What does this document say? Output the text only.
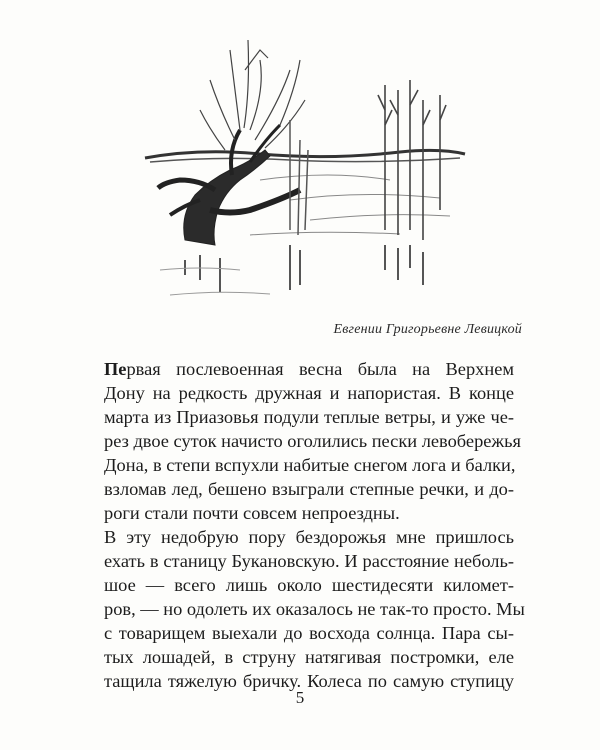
Евгении Григорьевне Левицкой
Первая послевоенная весна была на Верхнем
Дону на редкость дружная и напористая. В конце
марта из Приазовья подули теплые ветры, и уже че-
рез двое суток начисто оголились пески левобережья
Дона, в степи вспухли набитые снегом лога и балки,
взломав лед, бешено взыграли степные речки, и до-
роги стали почти совсем непроездны.
В эту недобрую пору бездорожья мне пришлось
ехать в станицу Букановскую. И расстояние неболь-
шое — всего лишь около шестидесяти километ-
ров, — но одолеть их оказалось не так-то просто. Мы
с товарищем выехали до восхода солнца. Пара сы-
тых лошадей, в струну натягивая постромки, еле
тащила тяжелую бричку. Колеса по самую ступицу
5
